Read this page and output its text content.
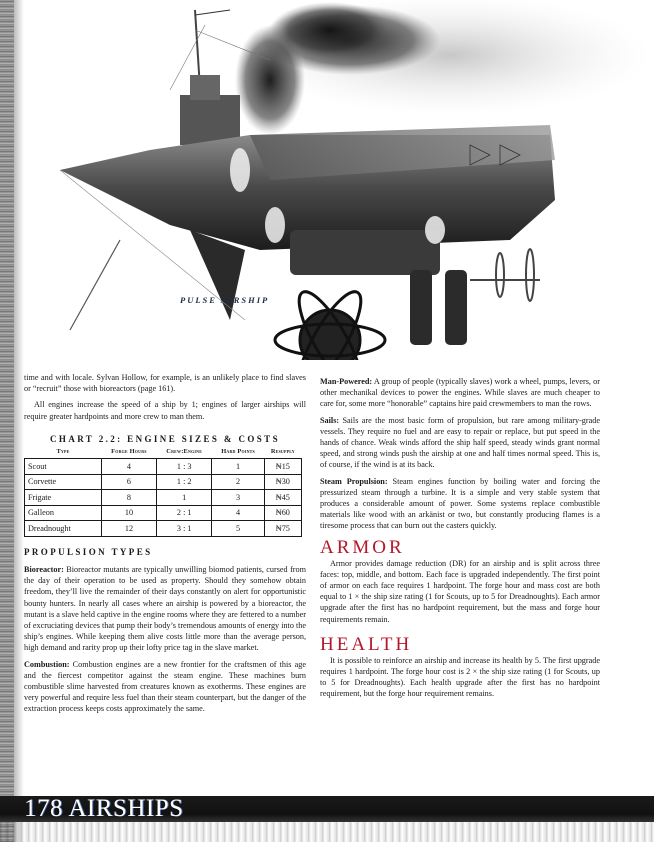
PULSE AIRSHIP

time and with locale. Sylvan Hollow, for example, is an unlikely place to find slaves or “recruit” those with bioreactors (page 161).

All engines increase the speed of a ship by 1; engines of larger airships will require greater hardpoints and more crew to man them.

CHART 2.2: ENGINE SIZES & COSTS
Type	Forge Hours	Crew:Engine	Hard Points	Resupply
Scout	4	1 : 3	1	₦15
Corvette	6	1 : 2	2	₦30
Frigate	8	1	3	₦45
Galleon	10	2 : 1	4	₦60
Dreadnought	12	3 : 1	5	₦75
PROPULSION TYPES

Bioreactor: Bioreactor mutants are typically unwilling biomod patients, cursed from the day of their operation to be used as property. Should they somehow obtain freedom, they’ll live the remainder of their days constantly on alert for opportunistic bounty hunters. In nearly all cases where an airship is powered by a bioreactor, the mutant is a slave held captive in the engine rooms where they are fettered to a number of excruciating devices that pump their body’s tremendous amounts of energy into the ship’s engines. While keeping them alive costs little more than the average person, high demand and rarity prop up their lofty price tag in the slave market.

Combustion: Combustion engines are a new frontier for the craftsmen of this age and the fiercest competitor against the steam engine. These machines burn combustible slime harvested from creatures known as exotherms. These engines are very powerful and require less fuel than their steam counterpart, but the danger of the extraction process keeps costs approximately the same.

Man-Powered: A group of people (typically slaves) work a wheel, pumps, levers, or other mechanikal devices to power the engines. While slaves are much cheaper to care for, some more “honorable” captains hire paid crewmembers to man the rows.

Sails: Sails are the most basic form of propulsion, but rare among military-grade vessels. They require no fuel and are easy to repair or replace, but put speed in the hands of chance. Weak winds afford the ship half speed, steady winds grant normal speed, and strong winds push the airship at one and half times normal speed. This is, of course, if the wind is at its back.

Steam Propulsion: Steam engines function by boiling water and forcing the pressurized steam through a turbine. It is a simple and very stable system that produces a considerable amount of power. Some systems replace combustible materials like wood with an arkänist or two, but constantly producing flames is a tiresome process that can burn out the casters quickly.

ARMOR

Armor provides damage reduction (DR) for an airship and is split across three faces: top, middle, and bottom. Each face is upgraded independently. The first point of armor on each face requires 1 hardpoint. The forge hour and mass cost are both equal to 1 × the ship size rating (1 for Scouts, up to 5 for Dreadnoughts). Each armor upgrade after the first has no hardpoint requirement, but the mass and forge hour requirements remain.

HEALTH

It is possible to reinforce an airship and increase its health by 5. The first upgrade requires 1 hardpoint. The forge hour cost is 2 × the ship size rating (1 for Scouts, up to 5 for Dreadnoughts). Each health upgrade after the first has no hardpoint requirement, but the forge hour requirement remains.

178 AIRSHIPS
